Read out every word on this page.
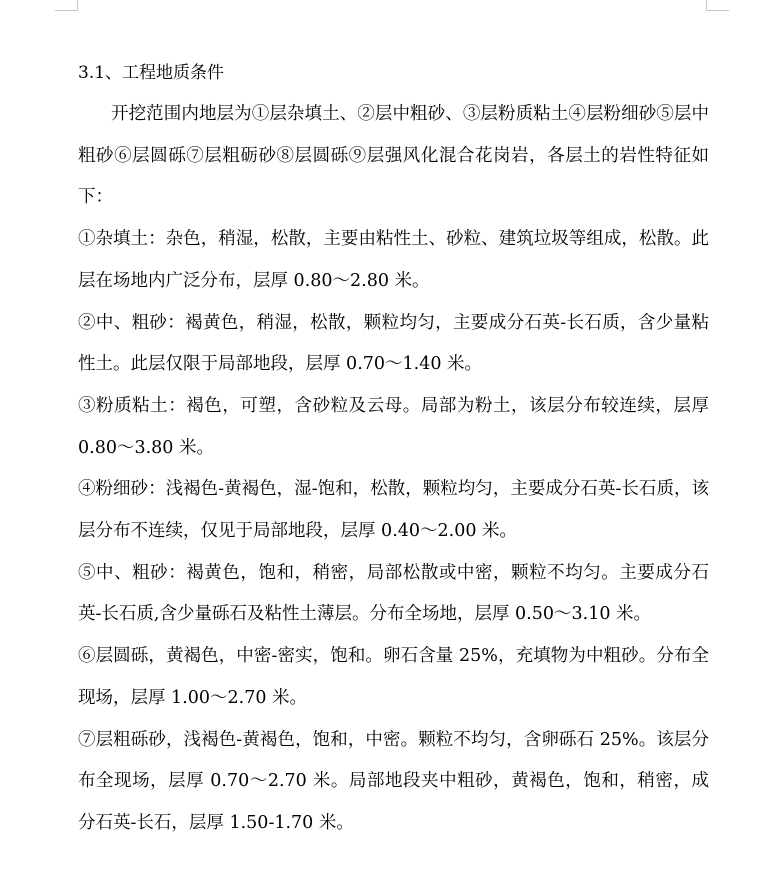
3.1、工程地质条件

开挖范围内地层为①层杂填土、②层中粗砂、③层粉质粘土④层粉细砂⑤层中粗砂⑥层圆砾⑦层粗砺砂⑧层圆砾⑨层强风化混合花岗岩，各层土的岩性特征如下：

①杂填土：杂色，稍湿，松散，主要由粘性土、砂粒、建筑垃圾等组成，松散。此层在场地内广泛分布，层厚 0.80～2.80 米。

②中、粗砂：褐黄色，稍湿，松散，颗粒均匀，主要成分石英-长石质，含少量粘性土。此层仅限于局部地段，层厚 0.70～1.40 米。

③粉质粘土：褐色，可塑，含砂粒及云母。局部为粉土，该层分布较连续，层厚 0.80～3.80 米。

④粉细砂：浅褐色-黄褐色，湿-饱和，松散，颗粒均匀，主要成分石英-长石质，该层分布不连续，仅见于局部地段，层厚 0.40～2.00 米。

⑤中、粗砂：褐黄色，饱和，稍密，局部松散或中密，颗粒不均匀。主要成分石英-长石质,含少量砾石及粘性土薄层。分布全场地，层厚 0.50～3.10 米。

⑥层圆砾，黄褐色，中密-密实，饱和。卵石含量 25%，充填物为中粗砂。分布全现场，层厚 1.00～2.70 米。

⑦层粗砾砂，浅褐色-黄褐色，饱和，中密。颗粒不均匀，含卵砾石 25%。该层分布全现场，层厚 0.70～2.70 米。局部地段夹中粗砂，黄褐色，饱和，稍密，成分石英-长石，层厚 1.50-1.70 米。
